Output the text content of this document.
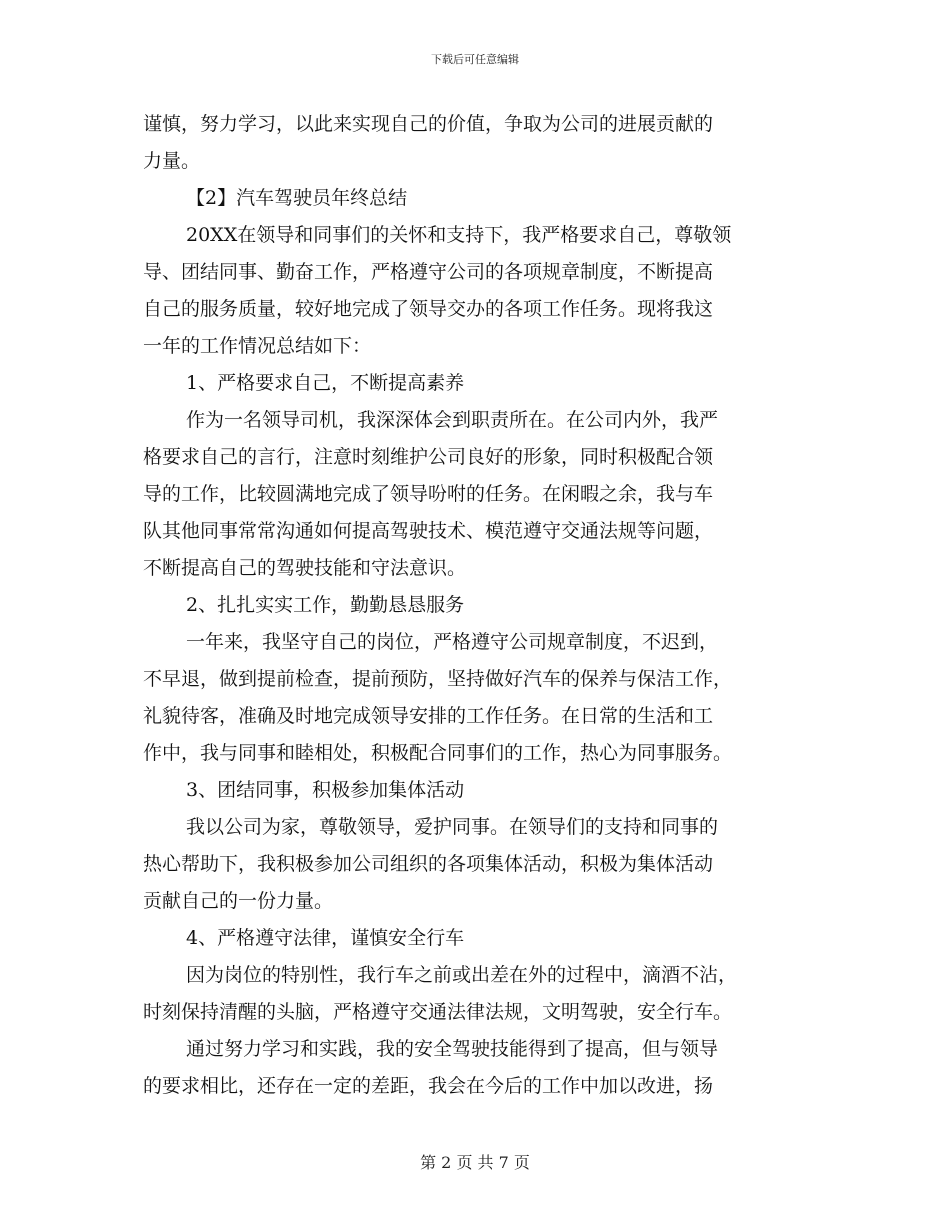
下载后可任意编辑
谨慎，努力学习，以此来实现自己的价值，争取为公司的进展贡献的
力量。
【2】汽车驾驶员年终总结
20XX在领导和同事们的关怀和支持下，我严格要求自己，尊敬领
导、团结同事、勤奋工作，严格遵守公司的各项规章制度，不断提高
自己的服务质量，较好地完成了领导交办的各项工作任务。现将我这
一年的工作情况总结如下：
1、严格要求自己，不断提高素养
作为一名领导司机，我深深体会到职责所在。在公司内外，我严
格要求自己的言行，注意时刻维护公司良好的形象，同时积极配合领
导的工作，比较圆满地完成了领导吩咐的任务。在闲暇之余，我与车
队其他同事常常沟通如何提高驾驶技术、模范遵守交通法规等问题，
不断提高自己的驾驶技能和守法意识。
2、扎扎实实工作，勤勤恳恳服务
一年来，我坚守自己的岗位，严格遵守公司规章制度，不迟到，
不早退，做到提前检查，提前预防，坚持做好汽车的保养与保洁工作，
礼貌待客，准确及时地完成领导安排的工作任务。在日常的生活和工
作中，我与同事和睦相处，积极配合同事们的工作，热心为同事服务。
3、团结同事，积极参加集体活动
我以公司为家，尊敬领导，爱护同事。在领导们的支持和同事的
热心帮助下，我积极参加公司组织的各项集体活动，积极为集体活动
贡献自己的一份力量。
4、严格遵守法律，谨慎安全行车
因为岗位的特别性，我行车之前或出差在外的过程中，滴酒不沾，
时刻保持清醒的头脑，严格遵守交通法律法规，文明驾驶，安全行车。
通过努力学习和实践，我的安全驾驶技能得到了提高，但与领导
的要求相比，还存在一定的差距，我会在今后的工作中加以改进，扬
第 2 页 共 7 页
